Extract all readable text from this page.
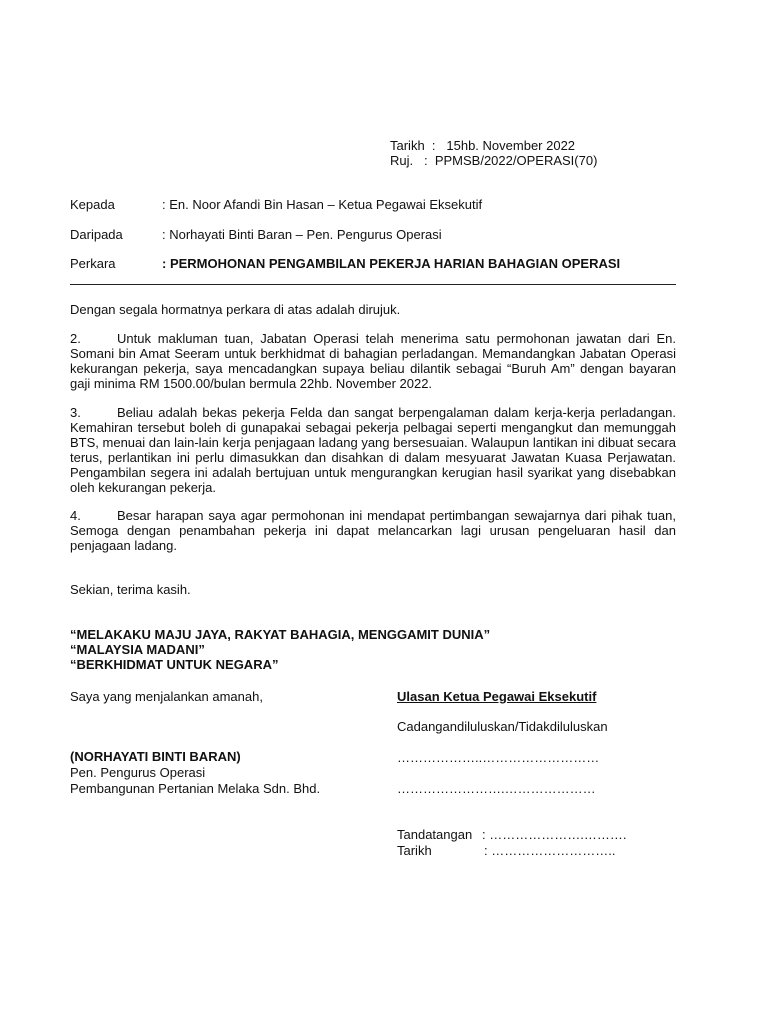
Tarikh  :   15hb. November 2022
Ruj.   :  PPMSB/2022/OPERASI(70)
Kepada	: En. Noor Afandi Bin Hasan – Ketua Pegawai Eksekutif
Daripada	: Norhayati Binti Baran – Pen. Pengurus Operasi
Perkara	: PERMOHONAN PENGAMBILAN PEKERJA HARIAN BAHAGIAN OPERASI
Dengan segala hormatnya perkara di atas adalah dirujuk.
2.	Untuk makluman tuan, Jabatan Operasi telah menerima satu permohonan jawatan dari En. Somani bin Amat Seeram untuk berkhidmat di bahagian perladangan. Memandangkan Jabatan Operasi kekurangan pekerja, saya mencadangkan supaya beliau dilantik sebagai “Buruh Am” dengan bayaran gaji minima RM 1500.00/bulan bermula 22hb. November 2022.
3.	Beliau adalah bekas pekerja Felda dan sangat berpengalaman dalam kerja-kerja perladangan. Kemahiran tersebut boleh di gunapakai sebagai pekerja pelbagai seperti mengangkut dan memunggah BTS, menuai dan lain-lain kerja penjagaan ladang yang bersesuaian. Walaupun lantikan ini dibuat secara terus, perlantikan ini perlu dimasukkan dan disahkan di dalam mesyuarat Jawatan Kuasa Perjawatan. Pengambilan segera ini adalah bertujuan untuk mengurangkan kerugian hasil syarikat yang disebabkan oleh kekurangan pekerja.
4.	Besar harapan saya agar permohonan ini mendapat pertimbangan sewajarnya dari pihak tuan, Semoga dengan penambahan pekerja ini dapat melancarkan lagi urusan pengeluaran hasil dan penjagaan ladang.
Sekian, terima kasih.
“MELAKAKU MAJU JAYA, RAKYAT BAHAGIA, MENGGAMIT DUNIA”
“MALAYSIA MADANI”
“BERKHIDMAT UNTUK NEGARA”
Saya yang menjalankan amanah,
(NORHAYATI BINTI BARAN)
Pen. Pengurus Operasi
Pembangunan Pertanian Melaka Sdn. Bhd.
Ulasan Ketua Pegawai Eksekutif
Cadangandiluluskan/Tidakdiluluskan
………………..………………………
…………………….…………………
Tandatangan : ………………….……….
Tarikh	: ………………………..
